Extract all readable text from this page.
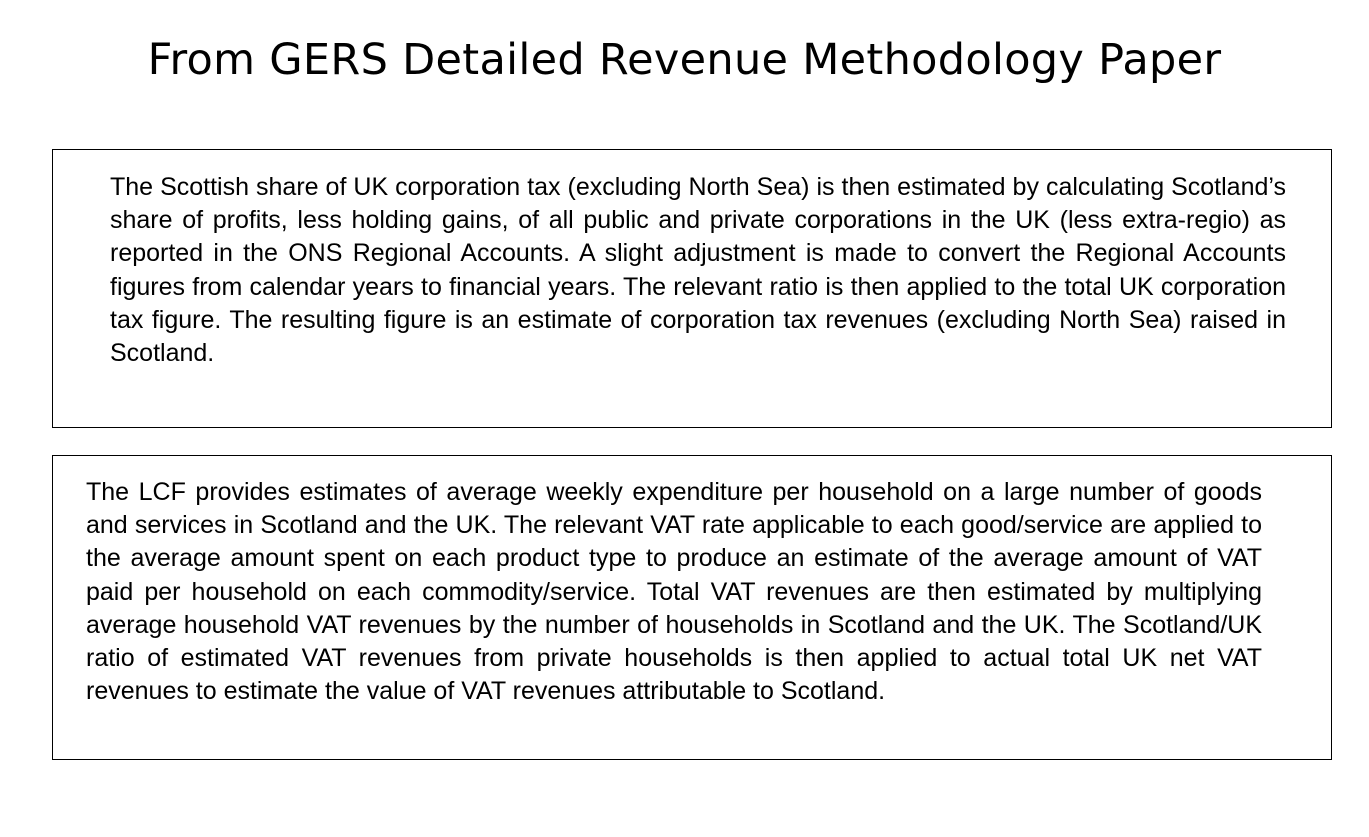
From GERS Detailed Revenue Methodology Paper

The Scottish share of UK corporation tax (excluding North Sea) is then estimated by calculating Scotland’s share of profits, less holding gains, of all public and private corporations in the UK (less extra-regio) as reported in the ONS Regional Accounts. A slight adjustment is made to convert the Regional Accounts figures from calendar years to financial years. The relevant ratio is then applied to the total UK corporation tax figure. The resulting figure is an estimate of corporation tax revenues (excluding North Sea) raised in Scotland.

The LCF provides estimates of average weekly expenditure per household on a large number of goods and services in Scotland and the UK. The relevant VAT rate applicable to each good/service are applied to the average amount spent on each product type to produce an estimate of the average amount of VAT paid per household on each commodity/service. Total VAT revenues are then estimated by multiplying average household VAT revenues by the number of households in Scotland and the UK. The Scotland/UK ratio of estimated VAT revenues from private households is then applied to actual total UK net VAT revenues to estimate the value of VAT revenues attributable to Scotland.
